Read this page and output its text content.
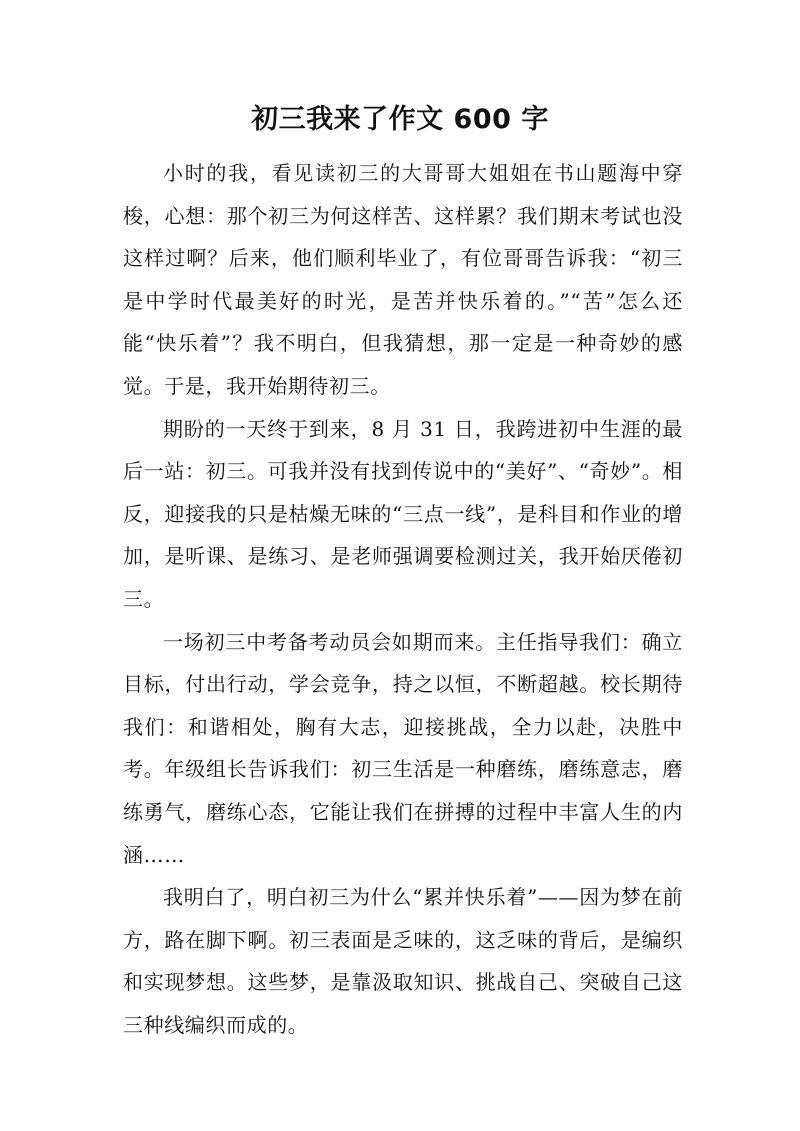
初三我来了作文 600 字

小时的我，看见读初三的大哥哥大姐姐在书山题海中穿梭，心想：那个初三为何这样苦、这样累？我们期末考试也没这样过啊？后来，他们顺利毕业了，有位哥哥告诉我：“初三是中学时代最美好的时光，是苦并快乐着的。”“苦”怎么还能“快乐着”？我不明白，但我猜想，那一定是一种奇妙的感觉。于是，我开始期待初三。

期盼的一天终于到来，8 月 31 日，我跨进初中生涯的最后一站：初三。可我并没有找到传说中的“美好”、“奇妙”。相反，迎接我的只是枯燥无味的“三点一线”，是科目和作业的增加，是听课、是练习、是老师强调要检测过关，我开始厌倦初三。

一场初三中考备考动员会如期而来。主任指导我们：确立目标，付出行动，学会竞争，持之以恒，不断超越。校长期待我们：和谐相处，胸有大志，迎接挑战，全力以赴，决胜中考。年级组长告诉我们：初三生活是一种磨练，磨练意志，磨练勇气，磨练心态，它能让我们在拼搏的过程中丰富人生的内涵……

我明白了，明白初三为什么“累并快乐着”——因为梦在前方，路在脚下啊。初三表面是乏味的，这乏味的背后，是编织和实现梦想。这些梦，是靠汲取知识、挑战自己、突破自己这三种线编织而成的。
